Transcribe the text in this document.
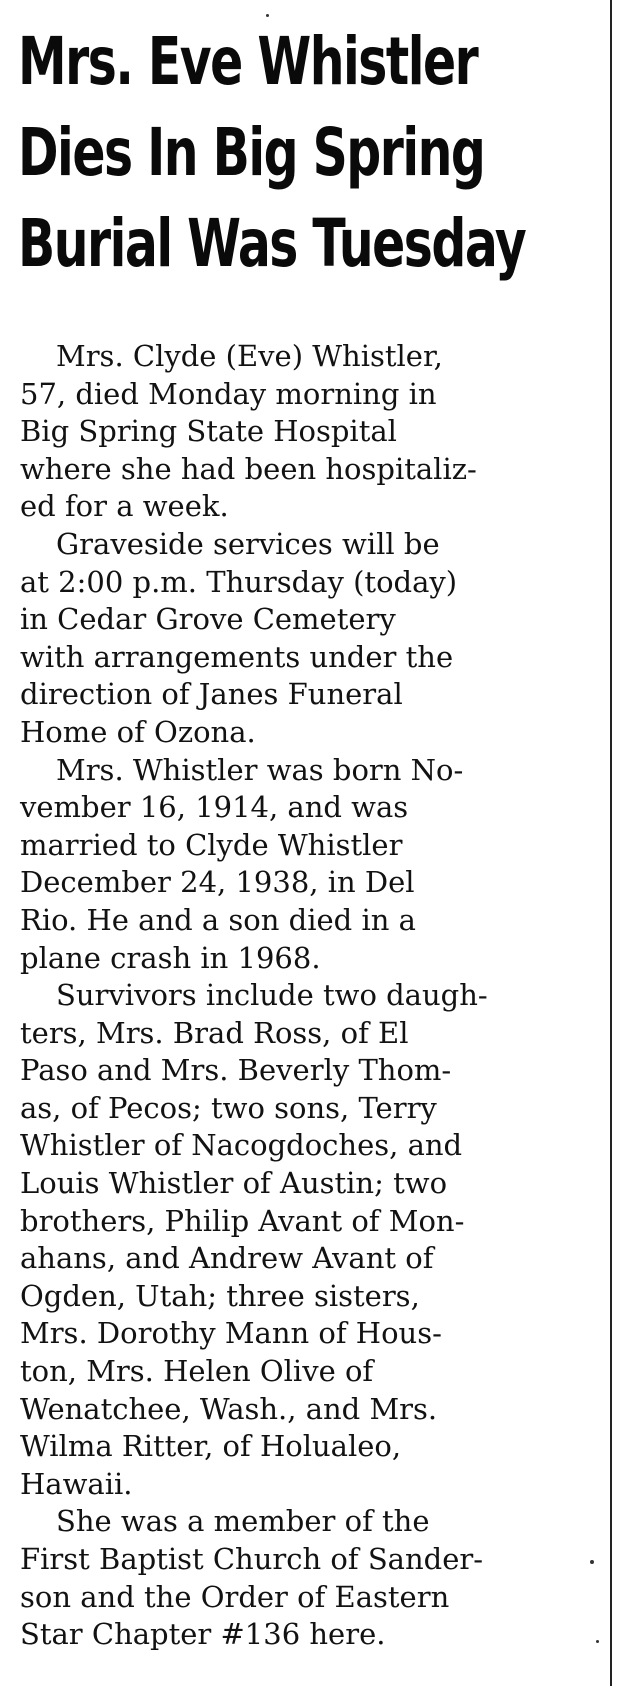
Mrs. Eve Whistler
Dies In Big Spring
Burial Was Tuesday

Mrs. Clyde (Eve) Whistler,
57, died Monday morning in
Big Spring State Hospital
where she had been hospitaliz-
ed for a week.

Graveside services will be
at 2:00 p.m. Thursday (today)
in Cedar Grove Cemetery
with arrangements under the
direction of Janes Funeral
Home of Ozona.

Mrs. Whistler was born No-
vember 16, 1914, and was
married to Clyde Whistler
December 24, 1938, in Del
Rio. He and a son died in a
plane crash in 1968.

Survivors include two daugh-
ters, Mrs. Brad Ross, of El
Paso and Mrs. Beverly Thom-
as, of Pecos; two sons, Terry
Whistler of Nacogdoches, and
Louis Whistler of Austin; two
brothers, Philip Avant of Mon-
ahans, and Andrew Avant of
Ogden, Utah; three sisters,
Mrs. Dorothy Mann of Hous-
ton, Mrs. Helen Olive of
Wenatchee, Wash., and Mrs.
Wilma Ritter, of Holualeo,
Hawaii.

She was a member of the
First Baptist Church of Sander-
son and the Order of Eastern
Star Chapter #136 here.
